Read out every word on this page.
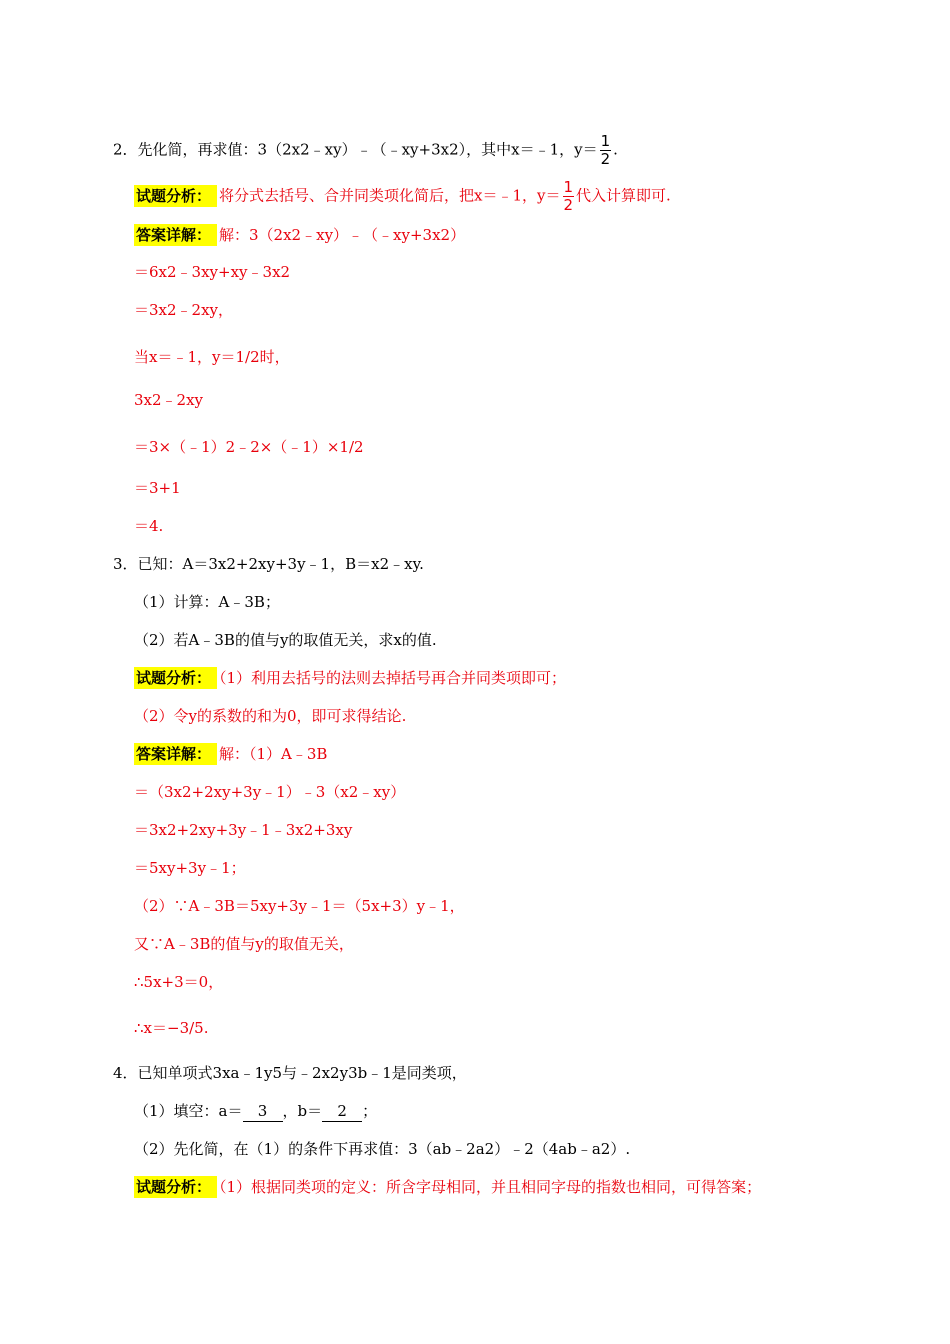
2．先化简，再求值：3（2x2﹣xy）﹣（﹣xy+3x2），其中x＝﹣1，$y= \frac{1}{2}$ .
试题分析： 将分式去括号、合并同类项化简后，把x＝﹣1，$y= \frac{1}{2}$ 代入计算即可.
答案详解： 解：3（2x2﹣xy）﹣（﹣xy+3x2）
＝6x2﹣3xy+xy﹣3x2
＝3x2﹣2xy，
当x＝﹣1，y＝1/2时，
3x2﹣2xy
＝3×（﹣1）2﹣2×（﹣1）×1/2
＝3+1
＝4.
3．已知：A＝3x2+2xy+3y﹣1，B＝x2﹣xy.
（1）计算：A﹣3B；
（2）若A﹣3B的值与y的取值无关，求x的值.
试题分析： （1）利用去括号的法则去掉括号再合并同类项即可；
（2）令y的系数的和为0，即可求得结论.
答案详解： 解：（1）A﹣3B
＝（3x2+2xy+3y﹣1）﹣3（x2﹣xy）
＝3x2+2xy+3y﹣1﹣3x2+3xy
＝5xy+3y﹣1；
（2）∵A﹣3B＝5xy+3y﹣1＝（5x+3）y﹣1，
又∵A﹣3B的值与y的取值无关，
∴5x+3＝0，
∴x＝−3/5.
4．已知单项式3xa﹣1y5与﹣2x2y3b﹣1是同类项，
（1）填空：a＝ 3 ，b＝ 2 ；
（2）先化简，在（1）的条件下再求值：3（ab﹣2a2）﹣2（4ab﹣a2）.
试题分析： （1）根据同类项的定义：所含字母相同，并且相同字母的指数也相同，可得答案；
